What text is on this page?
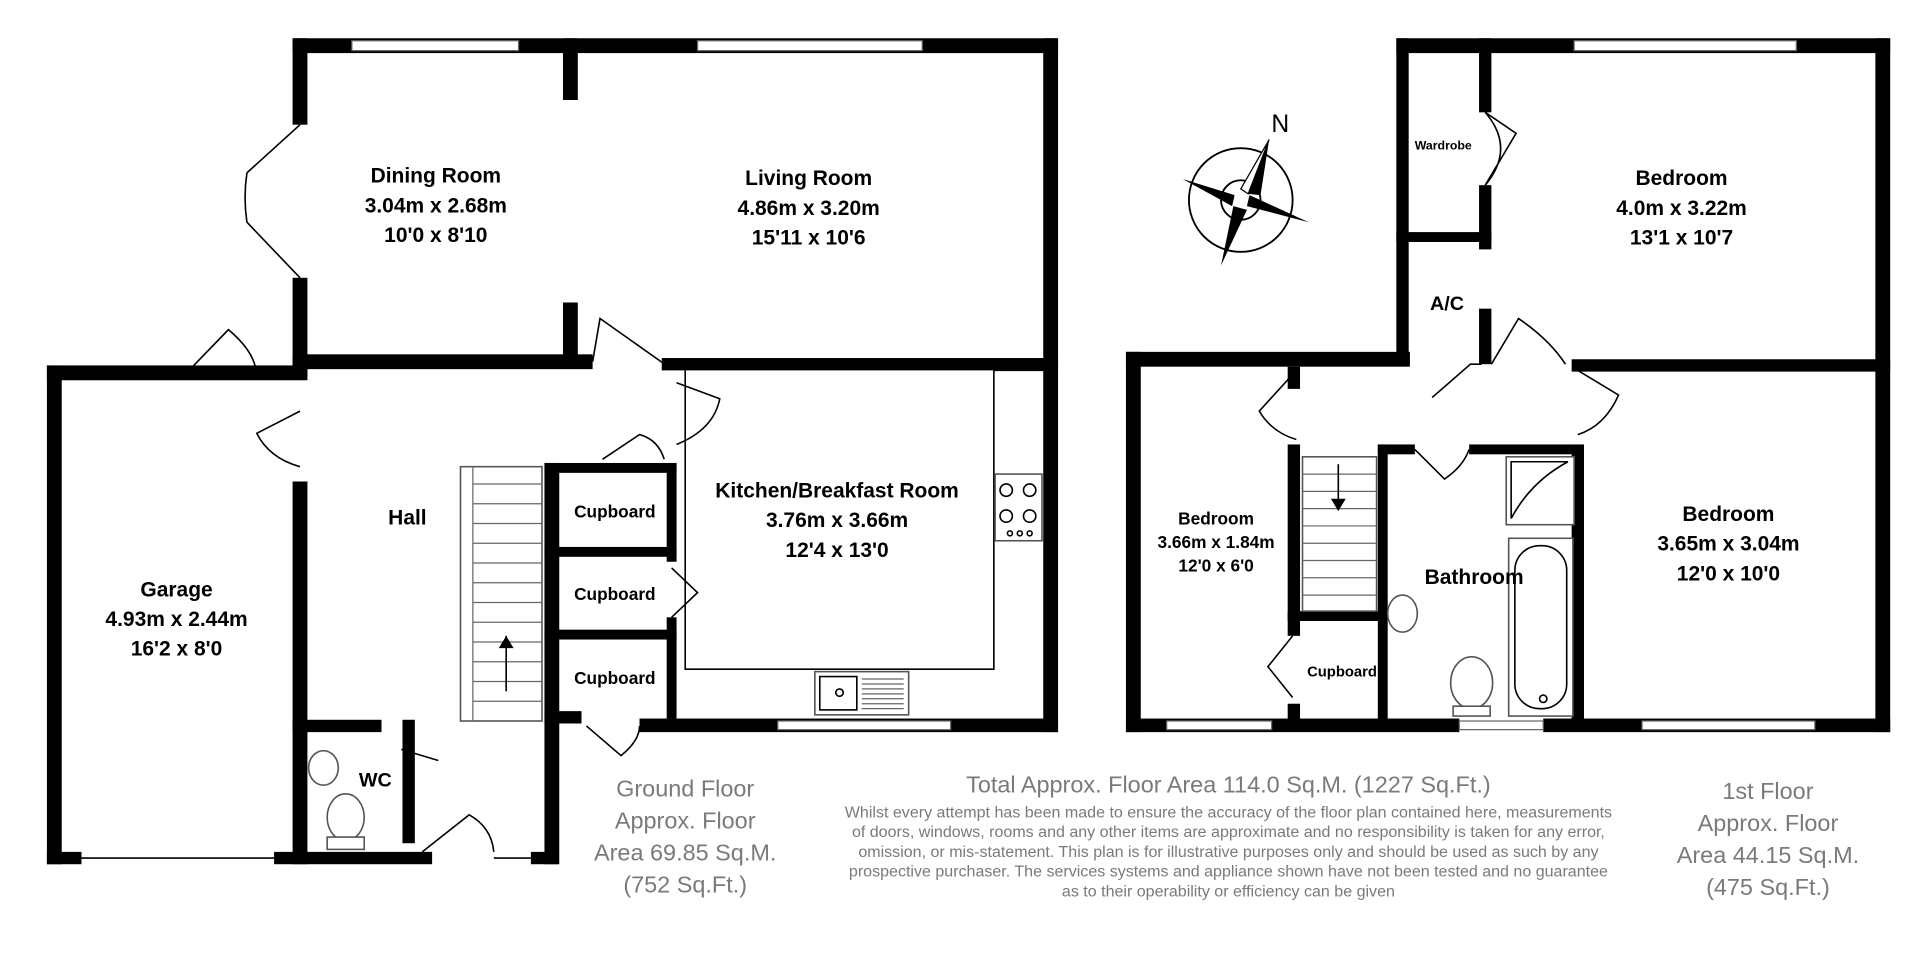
Dining Room
3.04m x 2.68m
10'0 x 8'10
Living Room
4.86m x 3.20m
15'11 x 10'6
Kitchen/Breakfast Room
3.76m x 3.66m
12'4 x 13'0
Hall
Garage
4.93m x 2.44m
16'2 x 8'0
WC
Cupboard
Cupboard
Cupboard
Wardrobe
A/C
Bedroom
4.0m x 3.22m
13'1 x 10'7
Bedroom
3.66m x 1.84m
12'0 x 6'0
Bedroom
3.65m x 3.04m
12'0 x 10'0
Bathroom
Cupboard
N
Ground Floor
Approx. Floor
Area 69.85 Sq.M.
(752 Sq.Ft.)
1st Floor
Approx. Floor
Area 44.15 Sq.M.
(475 Sq.Ft.)
Total Approx. Floor Area 114.0 Sq.M. (1227 Sq.Ft.)
Whilst every attempt has been made to ensure the accuracy of the floor plan contained here, measurements
of doors, windows, rooms and any other items are approximate and no responsibility is taken for any error,
omission, or mis-statement. This plan is for illustrative purposes only and should be used as such by any
prospective purchaser. The services systems and appliance shown have not been tested and no guarantee
as to their operability or efficiency can be given
